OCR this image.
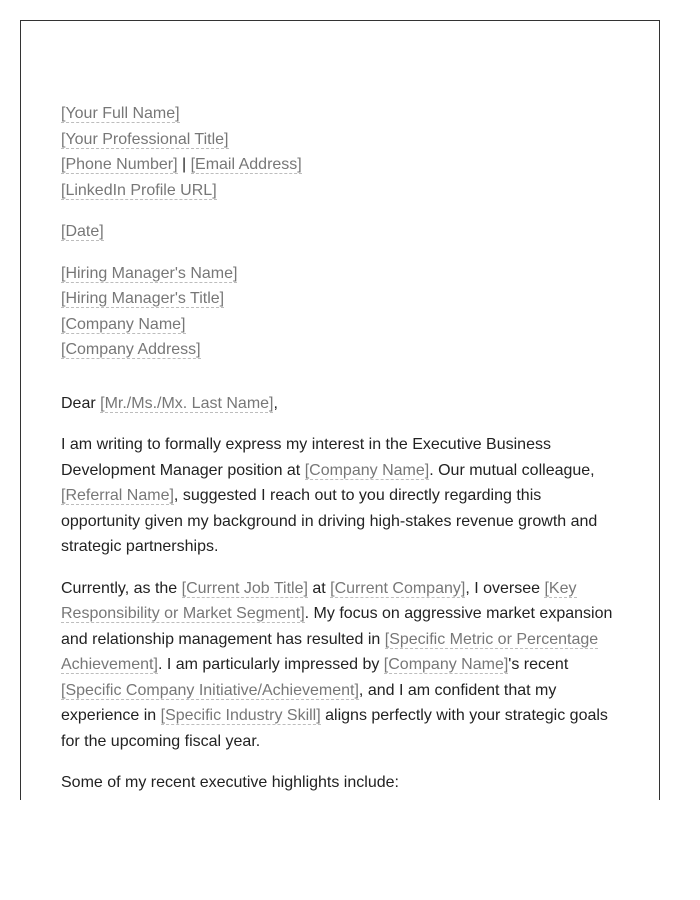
[Your Full Name]
[Your Professional Title]
[Phone Number] | [Email Address]
[LinkedIn Profile URL]
[Date]
[Hiring Manager's Name]
[Hiring Manager's Title]
[Company Name]
[Company Address]
Dear [Mr./Ms./Mx. Last Name],

I am writing to formally express my interest in the Executive Business Development Manager position at [Company Name]. Our mutual colleague, [Referral Name], suggested I reach out to you directly regarding this opportunity given my background in driving high-stakes revenue growth and strategic partnerships.

Currently, as the [Current Job Title] at [Current Company], I oversee [Key Responsibility or Market Segment]. My focus on aggressive market expansion and relationship management has resulted in [Specific Metric or Percentage Achievement]. I am particularly impressed by [Company Name]'s recent [Specific Company Initiative/Achievement], and I am confident that my experience in [Specific Industry Skill] aligns perfectly with your strategic goals for the upcoming fiscal year.

Some of my recent executive highlights include:
